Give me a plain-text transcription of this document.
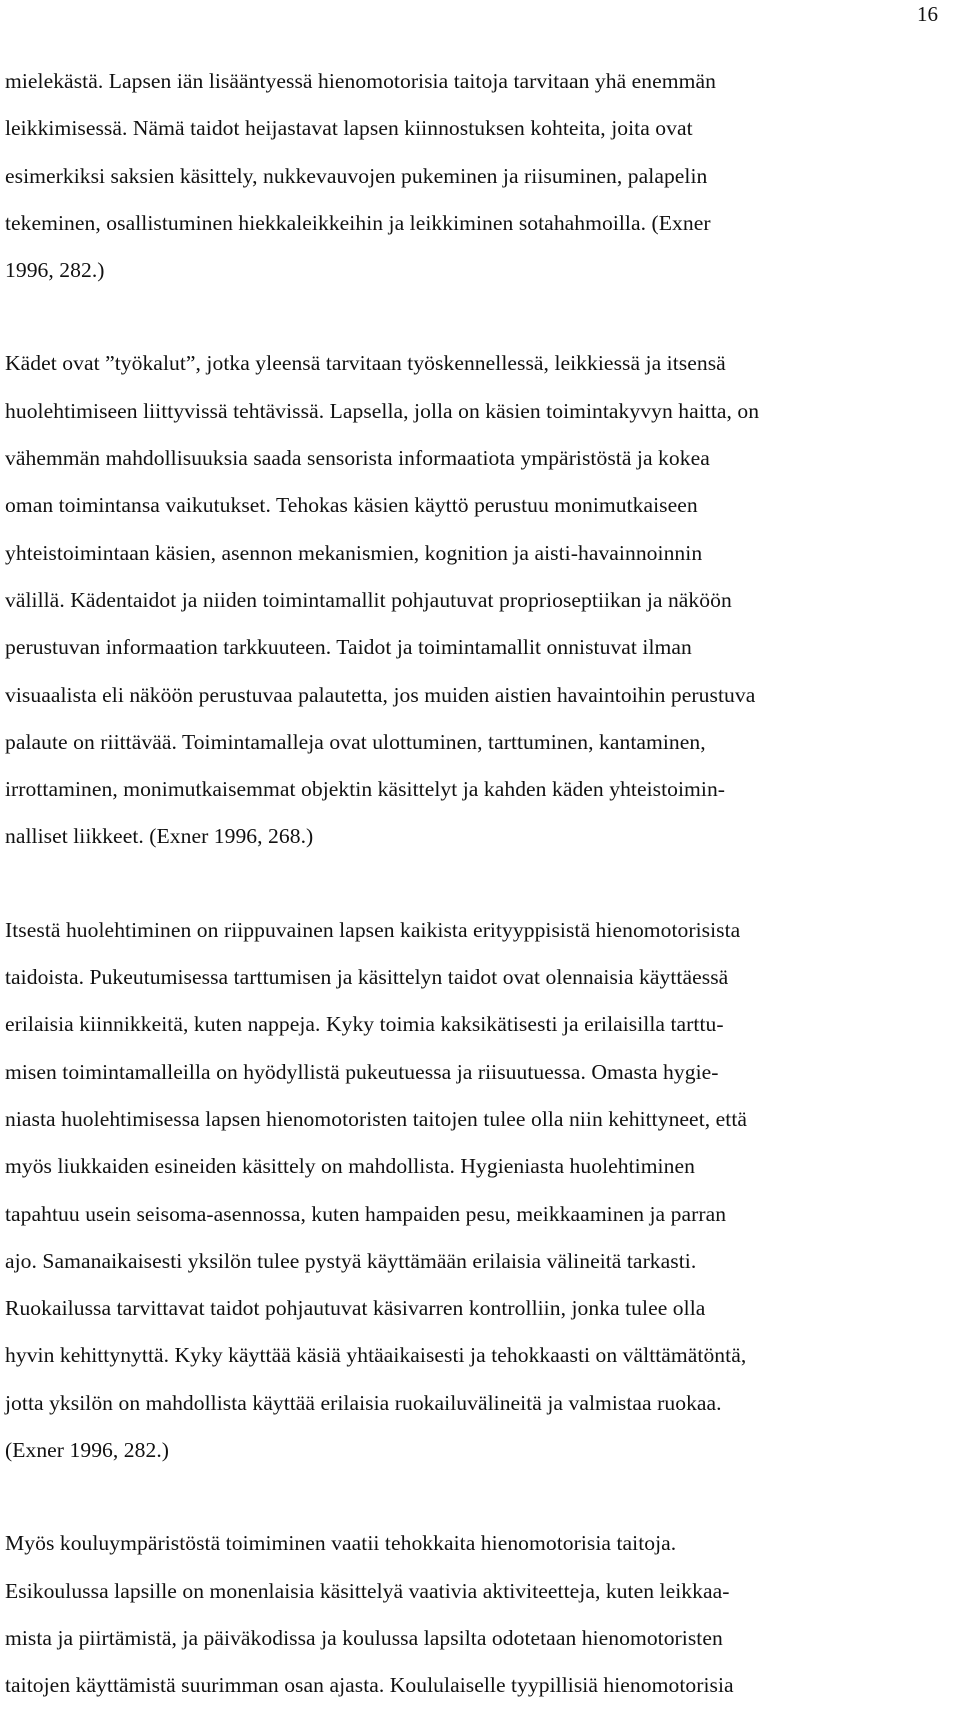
16
mielekästä. Lapsen iän lisääntyessä hienomotorisia taitoja tarvitaan yhä enemmän
leikkimisessä. Nämä taidot heijastavat lapsen kiinnostuksen kohteita, joita ovat
esimerkiksi saksien käsittely, nukkevauvojen pukeminen ja riisuminen, palapelin
tekeminen, osallistuminen hiekkaleikkeihin ja leikkiminen sotahahmoilla. (Exner
1996, 282.)
Kädet ovat ”työkalut”, jotka yleensä tarvitaan työskennellessä, leikkiessä ja itsensä
huolehtimiseen liittyvissä tehtävissä. Lapsella, jolla on käsien toimintakyvyn haitta, on
vähemmän mahdollisuuksia saada sensorista informaatiota ympäristöstä ja kokea
oman toimintansa vaikutukset. Tehokas käsien käyttö perustuu monimutkaiseen
yhteistoimintaan käsien, asennon mekanismien, kognition ja aisti-havainnoinnin
välillä. Kädentaidot ja niiden toimintamallit pohjautuvat proprioseptiikan ja näköön
perustuvan informaation tarkkuuteen. Taidot ja toimintamallit onnistuvat ilman
visuaalista eli näköön perustuvaa palautetta, jos muiden aistien havaintoihin perustuva
palaute on riittävää. Toimintamalleja ovat ulottuminen, tarttuminen, kantaminen,
irrottaminen, monimutkaisemmat objektin käsittelyt ja kahden käden yhteistoimin-
nalliset liikkeet. (Exner 1996, 268.)
Itsestä huolehtiminen on riippuvainen lapsen kaikista erityyppisistä hienomotorisista
taidoista. Pukeutumisessa tarttumisen ja käsittelyn taidot ovat olennaisia käyttäessä
erilaisia kiinnikkeitä, kuten nappeja. Kyky toimia kaksikätisesti ja erilaisilla tarttu-
misen toimintamalleilla on hyödyllistä pukeutuessa ja riisuutuessa. Omasta hygie-
niasta huolehtimisessa lapsen hienomotoristen taitojen tulee olla niin kehittyneet, että
myös liukkaiden esineiden käsittely on mahdollista. Hygieniasta huolehtiminen
tapahtuu usein seisoma-asennossa, kuten hampaiden pesu, meikkaaminen ja parran
ajo. Samanaikaisesti yksilön tulee pystyä käyttämään erilaisia välineitä tarkasti.
Ruokailussa tarvittavat taidot pohjautuvat käsivarren kontrolliin, jonka tulee olla
hyvin kehittynyttä. Kyky käyttää käsiä yhtäaikaisesti ja tehokkaasti on välttämätöntä,
jotta yksilön on mahdollista käyttää erilaisia ruokailuvälineitä ja valmistaa ruokaa.
(Exner 1996, 282.)
Myös kouluympäristöstä toimiminen vaatii tehokkaita hienomotorisia taitoja.
Esikoulussa lapsille on monenlaisia käsittelyä vaativia aktiviteetteja, kuten leikkaa-
mista ja piirtämistä, ja päiväkodissa ja koulussa lapsilta odotetaan hienomotoristen
taitojen käyttämistä suurimman osan ajasta. Koululaiselle tyypillisiä hienomotorisia
